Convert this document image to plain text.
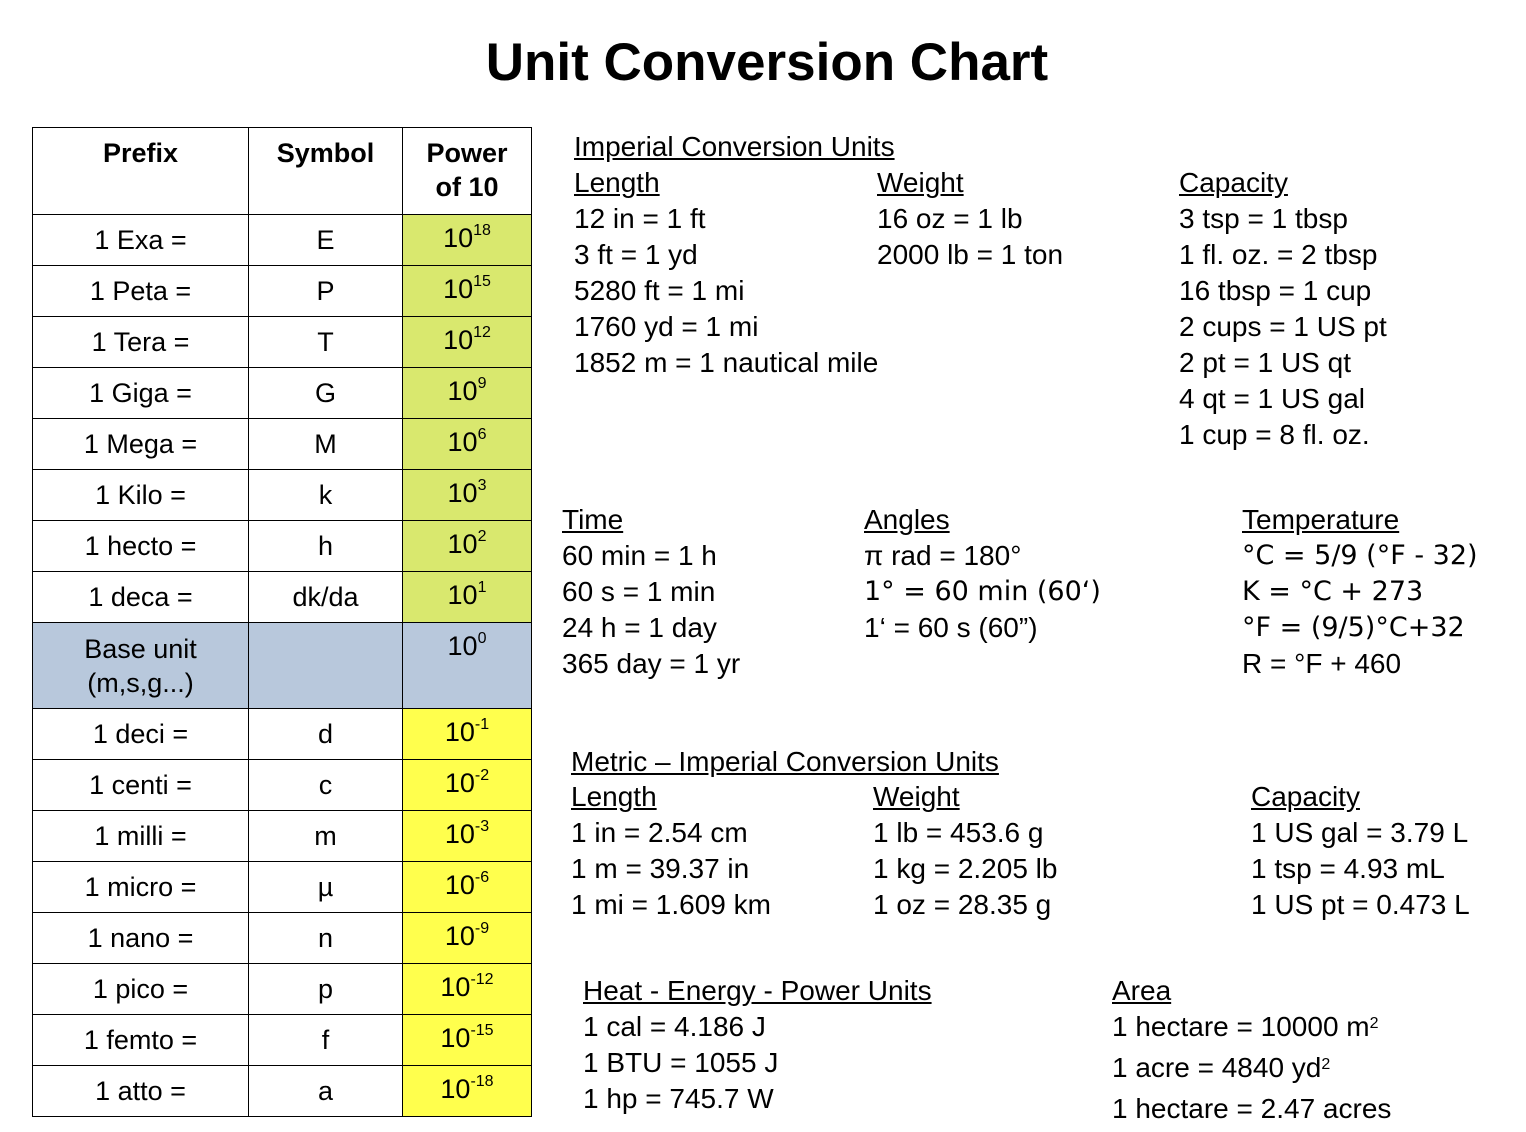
Unit Conversion Chart
Prefix	Symbol	Power of 10
1 Exa =	E	$10^{18}$
1 Peta =	P	$10^{15}$
1 Tera =	T	$10^{12}$
1 Giga =	G	$10^9$
1 Mega =	M	$10^6$
1 Kilo =	k	$10^3$
1 hecto =	h	$10^2$
1 deca =	dk/da	$10^1$
Base unit (m,s,g...)		$10^0$
1 deci =	d	$10^{-1}$
1 centi =	c	$10^{-2}$
1 milli =	m	$10^{-3}$
1 micro =	µ	$10^{-6}$
1 nano =	n	$10^{-9}$
1 pico =	p	$10^{-12}$
1 femto =	f	$10^{-15}$
1 atto =	a	$10^{-18}$
Imperial Conversion Units
Length
12 in = 1 ft
3 ft = 1 yd
5280 ft = 1 mi
1760 yd = 1 mi
1852 m = 1 nautical mile
Weight
16 oz = 1 lb
2000 lb = 1 ton
Capacity
3 tsp = 1 tbsp
1 fl. oz. = 2 tbsp
16 tbsp = 1 cup
2 cups = 1 US pt
2 pt = 1 US qt
4 qt = 1 US gal
1 cup = 8 fl. oz.
Time
60 min = 1 h
60 s = 1 min
24 h = 1 day
365 day = 1 yr
Angles
π rad = 180°
1° = 60 min (60‘)
1‘ = 60 s (60”)
Temperature
°C = 5/9 (°F - 32)
K = °C + 273
°F = (9/5)°C+32
R = °F + 460
Metric – Imperial Conversion Units
Length
1 in = 2.54 cm
1 m = 39.37 in
1 mi = 1.609 km
Weight
1 lb = 453.6 g
1 kg = 2.205 lb
1 oz = 28.35 g
Capacity
1 US gal = 3.79 L
1 tsp = 4.93 mL
1 US pt = 0.473 L
Heat - Energy - Power Units
1 cal = 4.186 J
1 BTU = 1055 J
1 hp = 745.7 W
Area
1 hectare = 10000 $m^2$
1 acre = 4840 $yd^2$
1 hectare = 2.47 acres
